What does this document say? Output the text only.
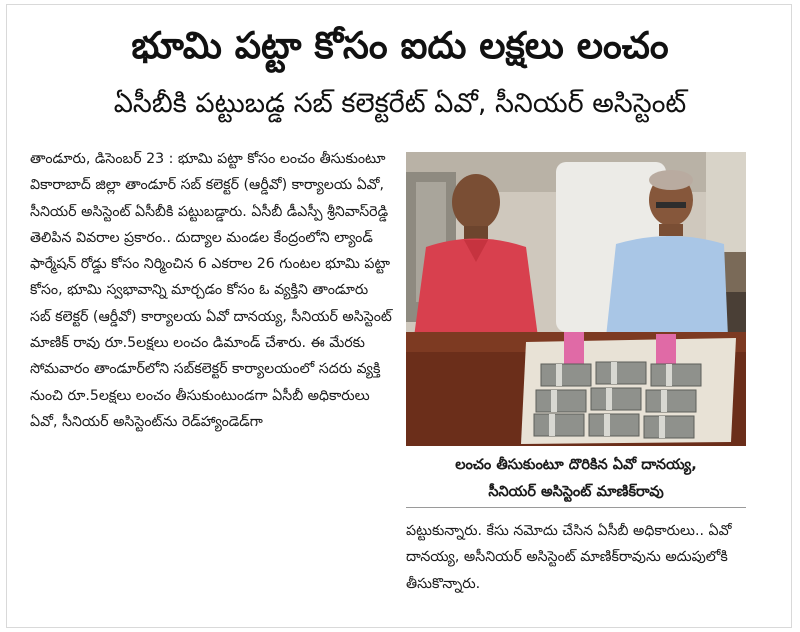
భూమి పట్టా కోసం ఐదు లక్షలు లంచం
ఏసీబీకి పట్టుబడ్డ సబ్ కలెక్టరేట్ ఏవో, సీనియర్ అసిస్టెంట్

తాండూరు, డిసెంబర్ 23 : భూమి పట్టా కోసం లంచం తీసుకుంటూ వికారాబాద్ జిల్లా తాండూర్ సబ్ కలెక్టర్ (ఆర్డీవో) కార్యాలయ ఏవో, సీనియర్ అసిస్టెంట్ ఏసీబీకి పట్టుబడ్డారు. ఏసీబీ డీఎస్పీ శ్రీనివాస్‌రెడ్డి తెలిపిన వివరాల ప్రకారం.. దుద్యాల మండల కేంద్రంలోని ల్యాండ్ ఫార్మేషన్ రోడ్డు కోసం నిర్మించిన 6 ఎకరాల 26 గుంటల భూమి పట్టా కోసం, భూమి స్వభావాన్ని మార్చడం కోసం ఓ వ్యక్తిని తాండూరు సబ్ కలెక్టర్ (ఆర్డీవో) కార్యాలయ ఏవో దానయ్య, సీనియర్ అసిస్టెంట్ మాణిక్ రావు రూ.5లక్షలు లంచం డిమాండ్ చేశారు. ఈ మేరకు సోమవారం తాండూర్‌లోని సబ్‌కలెక్టర్ కార్యాలయంలో సదరు వ్యక్తి నుంచి రూ.5లక్షలు లంచం తీసుకుంటుండగా ఏసీబీ అధికారులు ఏవో, సీనియర్ అసిస్టెంట్‌ను రెడ్‌హ్యాండెడ్‌గా

లంచం తీసుకుంటూ దొరికిన ఏవో దానయ్య,
సీనియర్ అసిస్టెంట్ మాణిక్‌రావు

పట్టుకున్నారు. కేసు నమోదు చేసిన ఏసీబీ అధికారులు.. ఏవో దానయ్య, అసీనియర్ అసిస్టెంట్ మాణిక్‌రావును అదుపులోకి తీసుకొన్నారు.
